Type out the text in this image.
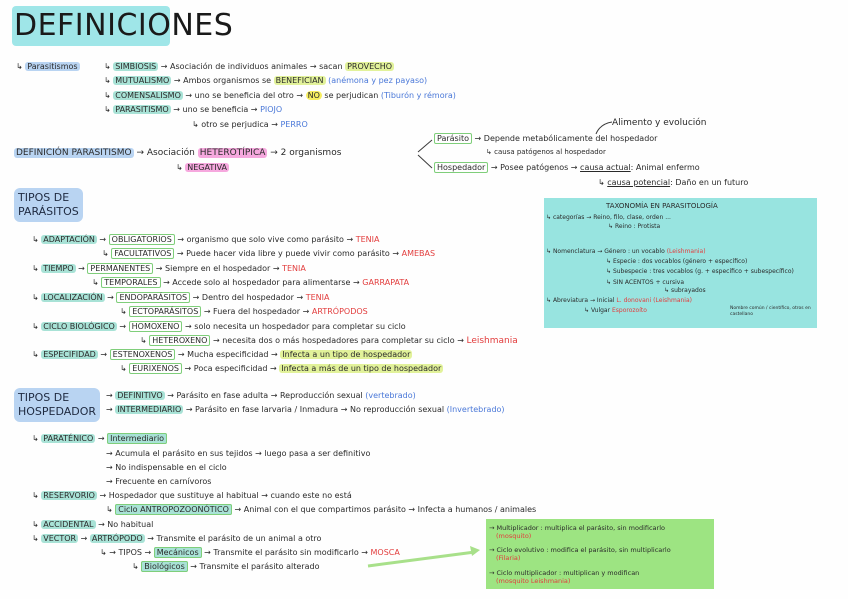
DEFINICIONES
↳ Parasitismos	↳ SIMBIOSIS → Asociación de individuos animales → sacan PROVECHO
↳ MUTUALISMO → Ambos organismos se BENEFICIAN (anémona y pez payaso)
↳ COMENSALISMO → uno se beneficia del otro → NO se perjudican (Tiburón y rémora)
↳ PARASITISMO → uno se beneficia → PIOJO
↳ otro se perjudica → PERRO
DEFINICIÓN PARASITISMO → Asociación HETEROTÍPICA → 2 organismos
↳ NEGATIVA
Alimento y evolución
Parásito → Depende metabólicamente del hospedador
↳ causa patógenos al hospedador
Hospedador → Posee patógenos → causa actual: Animal enfermo
↳ causa potencial: Daño en un futuro
TIPOS DE
PARÁSITOS
↳ ADAPTACIÓN → OBLIGATORIOS → organismo que solo vive como parásito → TENIA
↳ FACULTATIVOS → Puede hacer vida libre y puede vivir como parásito → AMEBAS
↳ TIEMPO → PERMANENTES → Siempre en el hospedador → TENIA
↳ TEMPORALES → Accede solo al hospedador para alimentarse → GARRAPATA
↳ LOCALIZACIÓN → ENDOPARÁSITOS → Dentro del hospedador → TENIA
↳ ECTOPARÁSITOS → Fuera del hospedador → ARTRÓPODOS
↳ CICLO BIOLÓGICO → HOMOXENO → solo necesita un hospedador para completar su ciclo
↳ HETEROXENO → necesita dos o más hospedadores para completar su ciclo → Leishmania
↳ ESPECIFIDAD → ESTENOXENOS → Mucha especificidad → Infecta a un tipo de hospedador
↳ EURIXENOS → Poca especificidad → Infecta a más de un tipo de hospedador
TAXONOMÍA EN PARASITOLOGÍA
↳ categorías → Reino, filo, clase, orden ...
↳ Reino : Protista
↳ Nomenclatura → Género : un vocablo (Leishmania)
↳ Especie : dos vocablos (género + específico)
↳ Subespecie : tres vocablos (g. + específico + subespecífico)
↳ SIN ACENTOS + cursiva
↳ subrayados
↳ Abreviatura → Inicial L. donovani (Leishmania)
↳ Vulgar Esporozoíto	Nombre común / científico, otros en castellano
TIPOS DE
HOSPEDADOR
→ DEFINITIVO → Parásito en fase adulta → Reproducción sexual (vertebrado)
→ INTERMEDIARIO → Parásito en fase larvaria / Inmadura → No reproducción sexual (Invertebrado)
↳ PARATÉNICO → Intermediario
→ Acumula el parásito en sus tejidos → luego pasa a ser definitivo
→ No indispensable en el ciclo
→ Frecuente en carnívoros
↳ RESERVORIO → Hospedador que sustituye al habitual → cuando este no está
↳ Ciclo ANTROPOZOONÓTICO → Animal con el que compartimos parásito → Infecta a humanos / animales
↳ ACCIDENTAL → No habitual
↳ VECTOR → ARTRÓPODO → Transmite el parásito de un animal a otro
↳ → TIPOS → Mecánicos → Transmite el parásito sin modificarlo → MOSCA
↳ Biológicos → Transmite el parásito alterado
→ Multiplicador : multiplica el parásito, sin modificarlo
(mosquito)
→ Ciclo evolutivo : modifica el parásito, sin multiplicarlo
(Filaria)
→ Ciclo multiplicador : multiplican y modifican
(mosquito Leishmania)
